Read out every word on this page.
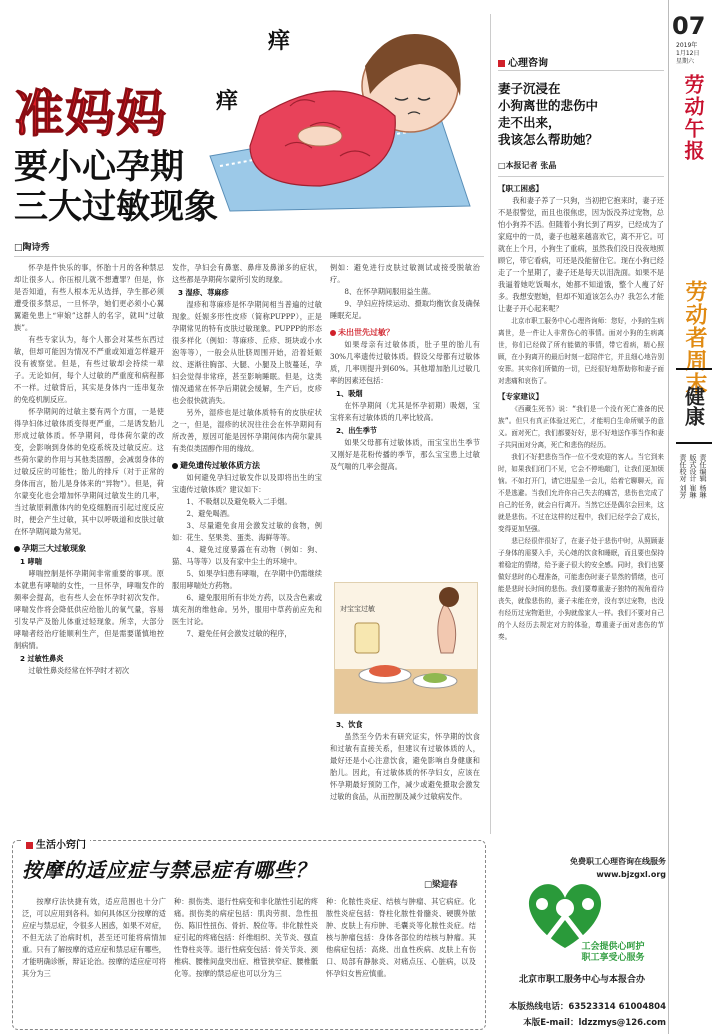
07
2019年
1月12日
星期六
劳动午报
劳动者周末
健康
责任编辑 杨琳
版式设计 崔琳
责任校对 刘芳
痒
痒
准妈妈
要小心孕期
三大过敏现象
□陶诗秀

怀孕是件快乐的事，怀胎十月的各种禁忌却让很多人。你压根儿就不想遭罪？但是，你是否知道，有些人根本无从选择，孕生都必须遭受很多禁忌，一旦怀孕，她们更必须小心翼翼避免患上“审娘”这群人的名字，就叫“过敏族”。

有些专家认为，每个人都会对某些东西过敏，但却可能因为情况不严重或知道怎样避开没有被察觉。但是，有些过敏却会持续一辈子。无论如何，每个人过敏的严重度和病程都不一样。过敏背后，其实是身体内一连串复杂的免疫机制反应。

怀孕期间的过敏主要有两个方面，一是使得孕妇体过敏体质变得更严重，二是诱发胎儿形成过敏体质。怀孕期间，母体荷尔蒙的改变，会影响到身体的免疫系统及过敏反应。这些荷尔蒙的作用与其他类固醇，会减弱身体的过敏反应的可能性；胎儿的排斥（对于正常的身体而言，胎儿是身体来的“异物”）。但是，荷尔蒙变化也会增加怀孕期间过敏发生的几率，当过敏原刺激体内的免疫细胞而引起过度反应时，便会产生过敏，其中以呼吸道和皮肤过敏在怀孕期间最为常见。

孕期三大过敏现象
1 哮喘

哮喘控制是怀孕期间非常重要的事项。原本就患有哮喘的女性，一旦怀孕，哮喘发作的频率会提高，也有些人会在怀孕时初次发作。哮喘发作将会降低供应给胎儿的氧气量，容易引发早产及胎儿体重过轻现象。所幸，大部分哮喘者经治疗能顺利生产，但是需要谨慎地控制病情。

2 过敏性鼻炎

过敏性鼻炎经常在怀孕时才初次

发作，孕妇会有鼻塞、鼻痒及鼻涕多的症状，这些都是孕期荷尔蒙所引发的现象。

3 湿疹、荨麻疹

湿疹和荨麻疹是怀孕期间相当普遍的过敏现象。妊娠多形性皮疹（简称PUPPP），正是孕期常见的特有皮肤过敏现象。PUPPP的形态很多样化（例如：荨麻疹、丘疹、斑块或小水泡等等），一般会从肚脐周围开始，沿着妊娠纹、逐渐往胸部、大腿、小腿及上肢蔓延，孕妇会觉得非常痒，甚至影响睡眠。但是，这类情况通常在怀孕后期就会缓解，生产后，皮疹也会很快就消失。

另外，湿疹也是过敏体质特有的皮肤症状之一，但是，湿疹的状况往往会在怀孕期间有所改善，原因可能是因怀孕期间体内荷尔蒙具有类似类固醇作用的缘故。

避免遗传过敏体质方法

如何避免孕妇过敏发作以及即将出生的宝宝遗传过敏体质？建议如下：

1、不吸烟以及避免吸入二手烟。

2、避免喝酒。

3、尽量避免食用会激发过敏的食物，例如：花生、坚果类、蛋类、海鲜等等。

4、避免过度暴露在有动物（例如：狗、猫、马等等）以及有家中尘土的环境中。

5、如果孕妇患有哮喘，在孕期中仍需继续服用哮喘处方药物。

6、避免服用所有非处方药，以及含色素或填充剂的维他命。另外，服用中草药前应先和医生讨论。

7、避免任何会激发过敏的程序，

例如：避免进行皮肤过敏测试或接受脱敏治疗。

8、在怀孕期间服用益生菌。

9、孕妇应持续运动、摄取均衡饮食及确保睡眠充足。

未出世先过敏？

如果母亲有过敏体质，肚子里的胎儿有30%几率遗传过敏体质。假设父母都有过敏体质，几率则提升到60%。其他增加胎儿过敏几率的因素还包括：

1、吸烟

在怀孕期间（尤其是怀孕初期）吸烟，宝宝将来有过敏体质的几率比较高。

2、出生季节

如果父母都有过敏体质，而宝宝出生季节又刚好是花粉传播的季节，那么宝宝患上过敏及气喘的几率会提高。

对宝宝过敏
3、饮食

虽然至今仍未有研究证实，怀孕期的饮食和过敏有直接关系，但建议有过敏体质的人，最好还是小心注意饮食，避免影响自身健康和胎儿。因此，有过敏体质的怀孕妇女，应该在怀孕期最好预防工作，减少或避免摄取会激发过敏的食品，从而控制及减少过敏病发作。

心理咨询
妻子沉浸在
小狗离世的悲伤中
走不出来，
我该怎么帮助她？
□本报记者 张晶
【职工困惑】

我和妻子养了一只狗，当初把它抱来时，妻子还不是很警觉，而且也很焦虑，因为饭没养过宠物，总怕小狗养不活。但随着小狗长到了两岁，已经成为了家庭中的一员，妻子也越来越喜欢它，离不开它。可就在上个月，小狗生了重病，虽然我们没日没夜地照顾它，带它看病，可还是没能留住它。现在小狗已经走了一个星期了，妻子还是每天以泪洗面。如果不是我逼着她吃饭喝水，她都不知道饿，整个人瘦了好多。我想安慰她，但却不知道该怎么办？我怎么才能让妻子开心起来呢？

北京市职工服务中心心理咨询师：您好，小狗的生病离世，是一件让人非常伤心的事情。面对小狗的生病离世，你们已经做了所有能做的事情，带它看病，精心照顾，在小狗离开的最后时刻一起陪伴它，并且细心地告别安葬。其实你们所做的一切，已经很好地帮助你和妻子面对悲痛和哀伤了。

【专家建议】

《西藏生死书》说：“我们是一个没有死亡准备的民族”。但只有真正体验过死亡，才能明白生命所赋予的意义。面对死亡，我们都要好好，思不好地送作事当作和妻子共同面对分离，死亡和悲伤的经历。

我们不好把悲伤当作一位不受欢迎的客人。当它到来时，如果我们闭门不见，它会不停地敲门，让我们更加烦恼。不如打开门，请它进屋坐一会儿，给着它聊聊天，而不是逃避。当我们允许你自己失去的痛苦，悲伤也完成了自己的任务，就会自行离开。当然它还是偶尔会回来，这就是悲伤。不过在这样的过程中，我们已经学会了成长，变得更加坚强。

悲已经很伴很好了，在妻子处于悲伤中时，从照顾妻子身体的需要入手，关心她的饮食和睡眠，而且要也保持着稳定的情绪，给予妻子很大的安全感。同时，我们也要做好悲时的心理准备，可能悲伤时妻子显然的情绪，也可能是悲时长时间的悲伤。我们要尊重妻子独特的视角看待丧失，就像悲伤的，妻子未能在旁，没有享过宠物，也没有经历过宠物逝世，小狗就像家人一样。我们不要对自己的个人经历去规定对方的体验，尊重妻子面对悲伤的节奏。

免费职工心理咨询在线服务
www.bjzgxl.org
工会提供心呵护
职工享受心服务
北京市职工服务中心与本报合办
本版热线电话：63523314 61004804
本版E-mail：ldzzmys@126.com
生活小窍门
按摩的适应症与禁忌症有哪些？
□梁迎春

按摩疗法快捷有效，适应范围也十分广泛，可以应用到各科。如何具体区分按摩的适应症与禁忌症，令很多人困惑，如果不对症，不但无法了治病时机，甚至还可能将病情加重。只有了解按摩的适应症和禁忌症有哪些，才能明确诊断，辩证论治。按摩的适应症可将其分为三

种：损伤类、退行性病变和非化脓性引起的疼痛。损伤类的病症包括：肌肉劳损、急性扭伤、陈旧性扭伤、骨折、脱位等。非化脓性炎症引起的疼痛包括：纤维组织、关节炎、强直性脊柱炎等。退行性病变包括：骨关节炎、颈椎病、腰椎间盘突出症、椎管狭窄症、腰椎骶化等。按摩的禁忌症也可以分为三

种：化脓性炎症、结核与肿瘤、其它病症。化脓性炎症包括：脊柱化脓性骨髓炎、硬膜外脓肿、皮肤上有疖肿、毛囊炎等化脓性炎症。结核与肿瘤包括：身体各部位的结核与肿瘤。其他病症包括：高烧、出血性疾病、皮肤上有伤口、局部有静脉炎、对痛点压、心脏病，以及怀孕妇女皆应慎重。
